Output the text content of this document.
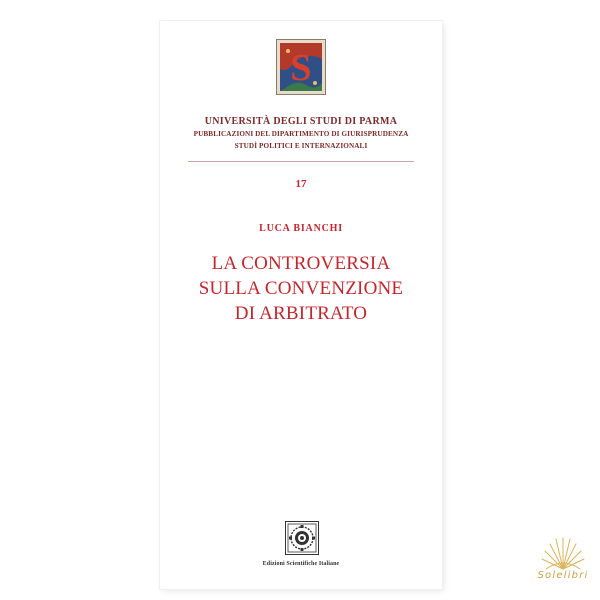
S
UNIVERSITÀ DEGLI STUDI DI PARMA
PUBBLICAZIONI DEL DIPARTIMENTO DI GIURISPRUDENZA
STUDÌ POLITICI E INTERNAZIONALI
17
LUCA BIANCHI
LA CONTROVERSIA
SULLA CONVENZIONE
DI ARBITRATO
Edizioni Scientifiche Italiane
Solelibri
